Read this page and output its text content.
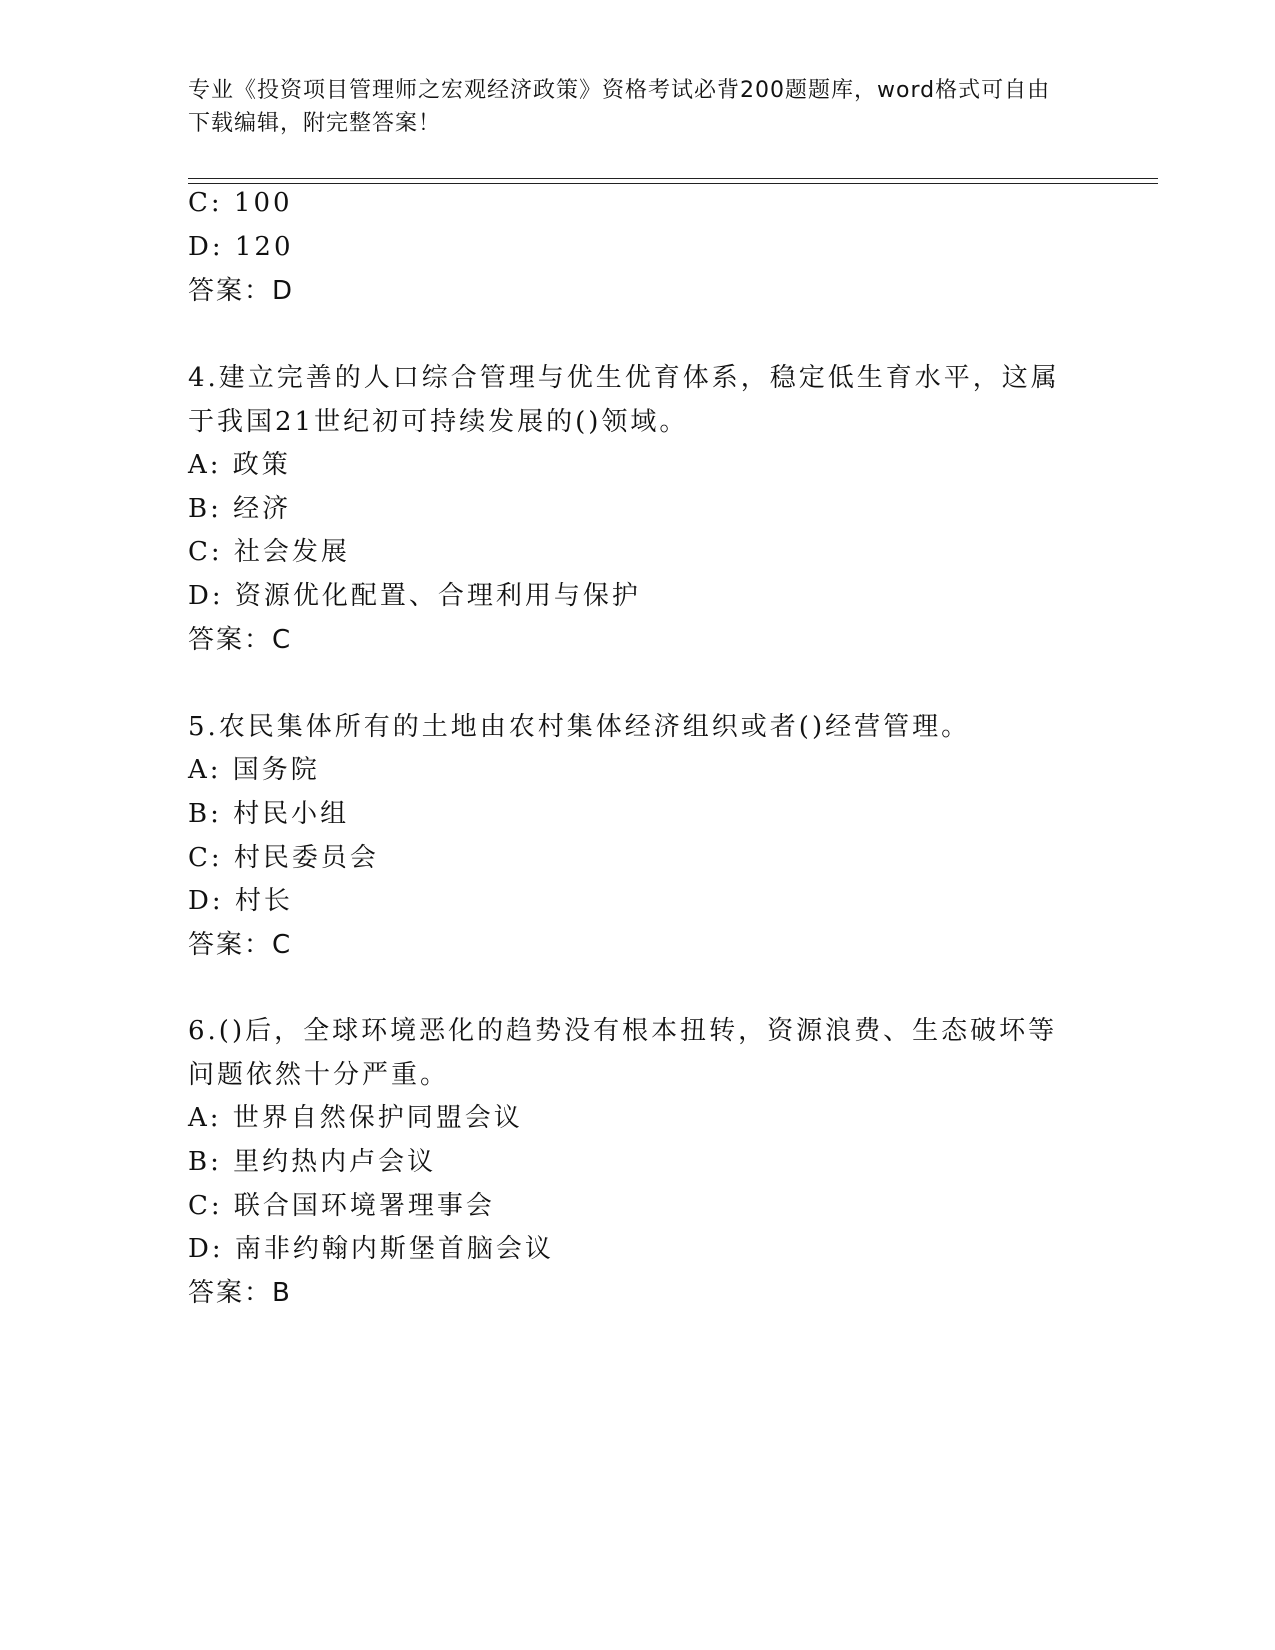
专业《投资项目管理师之宏观经济政策》资格考试必背200题题库，word格式可自由下载编辑，附完整答案！
C: 100
D: 120
答案：D
4.建立完善的人口综合管理与优生优育体系，稳定低生育水平，这属
于我国21世纪初可持续发展的()领域。
A: 政策
B: 经济
C: 社会发展
D: 资源优化配置、合理利用与保护
答案：C
5.农民集体所有的土地由农村集体经济组织或者()经营管理。
A: 国务院
B: 村民小组
C: 村民委员会
D: 村长
答案：C
6.()后，全球环境恶化的趋势没有根本扭转，资源浪费、生态破坏等
问题依然十分严重。
A: 世界自然保护同盟会议
B: 里约热内卢会议
C: 联合国环境署理事会
D: 南非约翰内斯堡首脑会议
答案：B
